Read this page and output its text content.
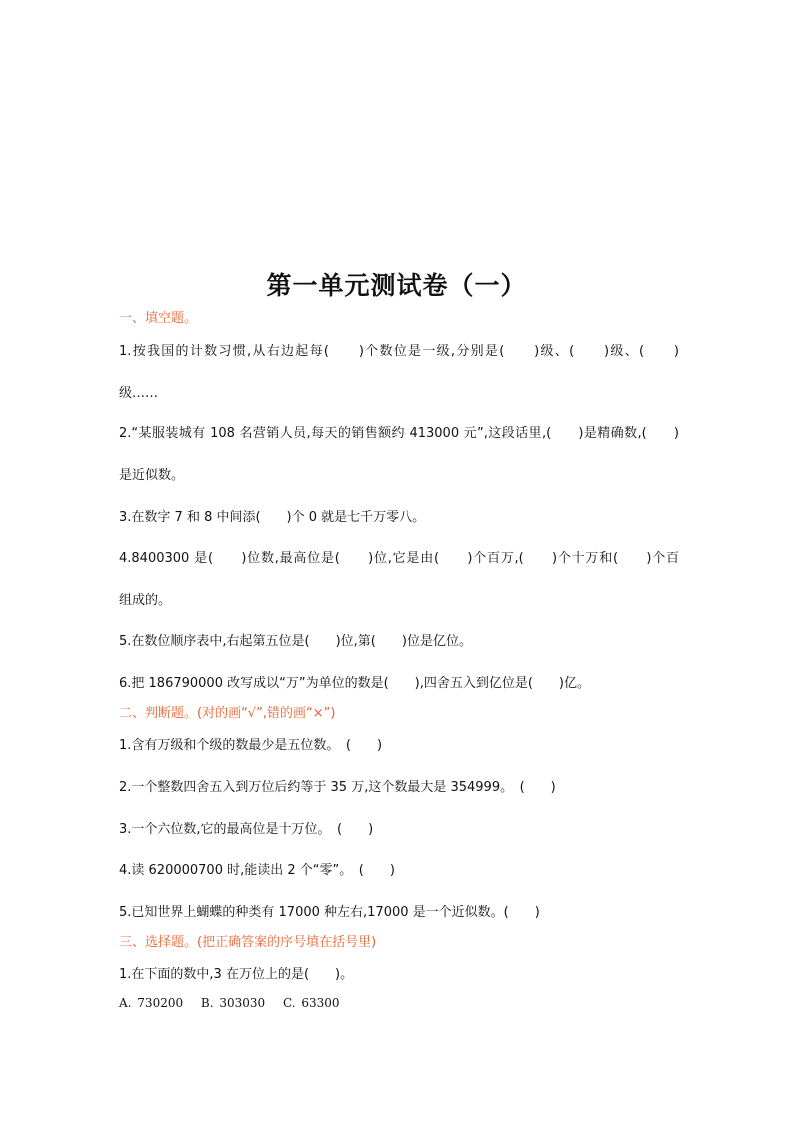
第一单元测试卷（一）
一、填空题。
1.按我国的计数习惯,从右边起每(　　)个数位是一级,分别是(　　)级、(　　)级、(　　)
级……
2.“某服装城有 108 名营销人员,每天的销售额约 413000 元”,这段话里,(　　)是精确数,(　　)
是近似数。
3.在数字 7 和 8 中间添(　　)个 0 就是七千万零八。
4.8400300 是(　　)位数,最高位是(　　)位,它是由(　　)个百万,(　　)个十万和(　　)个百
组成的。
5.在数位顺序表中,右起第五位是(　　)位,第(　　)位是亿位。
6.把 186790000 改写成以“万”为单位的数是(　　),四舍五入到亿位是(　　)亿。
二、判断题。(对的画“√”,错的画“×”)
1.含有万级和个级的数最少是五位数。　(　　)
2.一个整数四舍五入到万位后约等于 35 万,这个数最大是 354999。　(　　)
3.一个六位数,它的最高位是十万位。　(　　)
4.读 620000700 时,能读出 2 个“零”。　(　　)
5.已知世界上蝴蝶的种类有 17000 种左右,17000 是一个近似数。(　　)
三、选择题。(把正确答案的序号填在括号里)
1.在下面的数中,3 在万位上的是(　　)。
A. 730200　 B. 303030　 C. 63300
